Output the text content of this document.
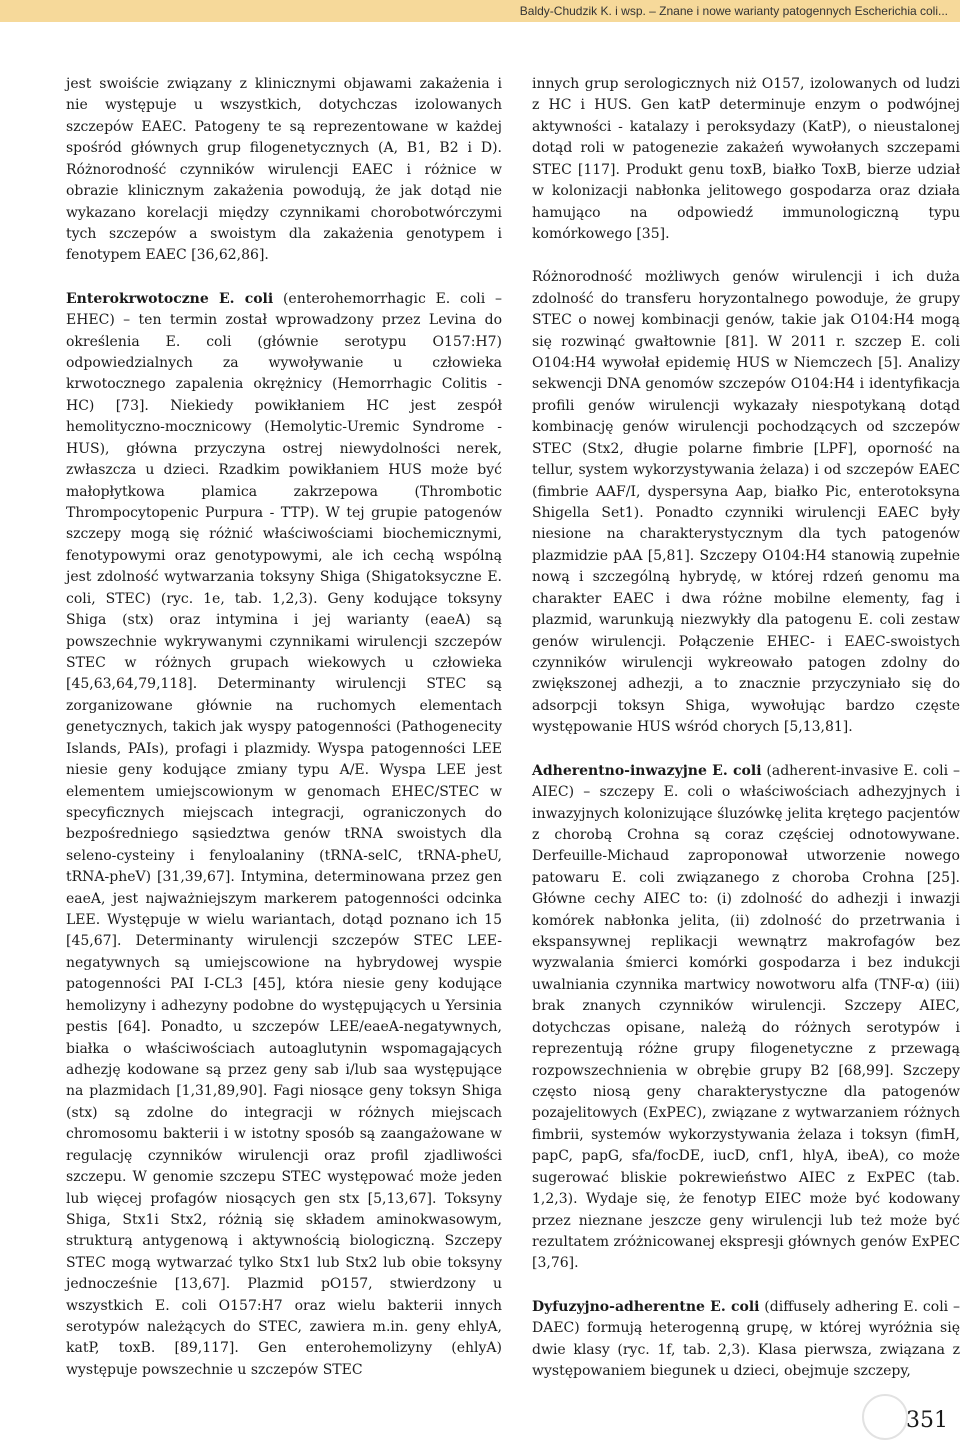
Baldy-Chudzik K. i wsp. – Znane i nowe warianty patogennych Escherichia coli...

jest swoiście związany z klinicznymi objawami zakażenia i nie występuje u wszystkich, dotychczas izolowanych szczepów EAEC. Patogeny te są reprezentowane w każdej spośród głównych grup filogenetycznych (A, B1, B2 i D). Różnorodność czynników wirulencji EAEC i różnice w obrazie klinicznym zakażenia powodują, że jak dotąd nie wykazano korelacji między czynnikami chorobotwórczymi tych szczepów a swoistym dla zakażenia genotypem i fenotypem EAEC [36,62,86].

Enterokrwotoczne E. coli (enterohemorrhagic E. coli – EHEC) – ten termin został wprowadzony przez Levina do określenia E. coli (głównie serotypu O157:H7) odpowiedzialnych za wywoływanie u człowieka krwotocznego zapalenia okrężnicy (Hemorrhagic Colitis - HC) [73]. Niekiedy powikłaniem HC jest zespół hemolityczno-mocznicowy (Hemolytic-Uremic Syndrome - HUS), główna przyczyna ostrej niewydolności nerek, zwłaszcza u dzieci. Rzadkim powikłaniem HUS może być małopłytkowa plamica zakrzepowa (Thrombotic Thrompocytopenic Purpura - TTP). W tej grupie patogenów szczepy mogą się różnić właściwościami biochemicznymi, fenotypowymi oraz genotypowymi, ale ich cechą wspólną jest zdolność wytwarzania toksyny Shiga (Shigatoksyczne E. coli, STEC) (ryc. 1e, tab. 1,2,3). Geny kodujące toksyny Shiga (stx) oraz intymina i jej warianty (eaeA) są powszechnie wykrywanymi czynnikami wirulencji szczepów STEC w różnych grupach wiekowych u człowieka [45,63,64,79,118]. Determinanty wirulencji STEC są zorganizowane głównie na ruchomych elementach genetycznych, takich jak wyspy patogenności (Pathogenecity Islands, PAIs), profagi i plazmidy. Wyspa patogenności LEE niesie geny kodujące zmiany typu A/E. Wyspa LEE jest elementem umiejscowionym w genomach EHEC/STEC w specyficznych miejscach integracji, ograniczonych do bezpośredniego sąsiedztwa genów tRNA swoistych dla seleno-cysteiny i fenyloalaniny (tRNA-selC, tRNA-pheU, tRNA-pheV) [31,39,67]. Intymina, determinowana przez gen eaeA, jest najważniejszym markerem patogenności odcinka LEE. Występuje w wielu wariantach, dotąd poznano ich 15 [45,67]. Determinanty wirulencji szczepów STEC LEE-negatywnych są umiejscowione na hybrydowej wyspie patogenności PAI I-CL3 [45], która niesie geny kodujące hemolizyny i adhezyny podobne do występujących u Yersinia pestis [64]. Ponadto, u szczepów LEE/eaeA-negatywnych, białka o właściwościach autoaglutynin wspomagających adhezję kodowane są przez geny sab i/lub saa występujące na plazmidach [1,31,89,90]. Fagi niosące geny toksyn Shiga (stx) są zdolne do integracji w różnych miejscach chromosomu bakterii i w istotny sposób są zaangażowane w regulację czynników wirulencji oraz profil zjadliwości szczepu. W genomie szczepu STEC występować może jeden lub więcej profagów niosących gen stx [5,13,67]. Toksyny Shiga, Stx1i Stx2, różnią się składem aminokwasowym, strukturą antygenową i aktywnością biologiczną. Szczepy STEC mogą wytwarzać tylko Stx1 lub Stx2 lub obie toksyny jednocześnie [13,67]. Plazmid pO157, stwierdzony u wszystkich E. coli O157:H7 oraz wielu bakterii innych serotypów należących do STEC, zawiera m.in. geny ehlyA, katP, toxB. [89,117]. Gen enterohemolizyny (ehlyA) występuje powszechnie u szczepów STEC

innych grup serologicznych niż O157, izolowanych od ludzi z HC i HUS. Gen katP determinuje enzym o podwójnej aktywności - katalazy i peroksydazy (KatP), o nieustalonej dotąd roli w patogenezie zakażeń wywołanych szczepami STEC [117]. Produkt genu toxB, białko ToxB, bierze udział w kolonizacji nabłonka jelitowego gospodarza oraz działa hamująco na odpowiedź immunologiczną typu komórkowego [35].

Różnorodność możliwych genów wirulencji i ich duża zdolność do transferu horyzontalnego powoduje, że grupy STEC o nowej kombinacji genów, takie jak O104:H4 mogą się rozwinąć gwałtownie [81]. W 2011 r. szczep E. coli O104:H4 wywołał epidemię HUS w Niemczech [5]. Analizy sekwencji DNA genomów szczepów O104:H4 i identyfikacja profili genów wirulencji wykazały niespotykaną dotąd kombinację genów wirulencji pochodzących od szczepów STEC (Stx2, długie polarne fimbrie [LPF], oporność na tellur, system wykorzystywania żelaza) i od szczepów EAEC (fimbrie AAF/I, dyspersyna Aap, białko Pic, enterotoksyna Shigella Set1). Ponadto czynniki wirulencji EAEC były niesione na charakterystycznym dla tych patogenów plazmidzie pAA [5,81]. Szczepy O104:H4 stanowią zupełnie nową i szczególną hybrydę, w której rdzeń genomu ma charakter EAEC i dwa różne mobilne elementy, fag i plazmid, warunkują niezwykły dla patogenu E. coli zestaw genów wirulencji. Połączenie EHEC- i EAEC-swoistych czynników wirulencji wykreowało patogen zdolny do zwiększonej adhezji, a to znacznie przyczyniało się do adsorpcji toksyn Shiga, wywołując bardzo częste występowanie HUS wśród chorych [5,13,81].

Adherentno-inwazyjne E. coli (adherent-invasive E. coli – AIEC) – szczepy E. coli o właściwościach adhezyjnych i inwazyjnych kolonizujące śluzówkę jelita krętego pacjentów z chorobą Crohna są coraz częściej odnotowywane. Derfeuille-Michaud zaproponował utworzenie nowego patowaru E. coli związanego z choroba Crohna [25]. Główne cechy AIEC to: (i) zdolność do adhezji i inwazji komórek nabłonka jelita, (ii) zdolność do przetrwania i ekspansywnej replikacji wewnątrz makrofagów bez wyzwalania śmierci komórki gospodarza i bez indukcji uwalniania czynnika martwicy nowotworu alfa (TNF-α) (iii) brak znanych czynników wirulencji. Szczepy AIEC, dotychczas opisane, należą do różnych serotypów i reprezentują różne grupy filogenetyczne z przewagą rozpowszechnienia w obrębie grupy B2 [68,99]. Szczepy często niosą geny charakterystyczne dla patogenów pozajelitowych (ExPEC), związane z wytwarzaniem różnych fimbrii, systemów wykorzystywania żelaza i toksyn (fimH, papC, papG, sfa/focDE, iucD, cnf1, hlyA, ibeA), co może sugerować bliskie pokrewieństwo AIEC z ExPEC (tab. 1,2,3). Wydaje się, że fenotyp EIEC może być kodowany przez nieznane jeszcze geny wirulencji lub też może być rezultatem zróżnicowanej ekspresji głównych genów ExPEC [3,76].

Dyfuzyjno-adherentne E. coli (diffusely adhering E. coli – DAEC) formują heterogenną grupę, w której wyróżnia się dwie klasy (ryc. 1f, tab. 2,3). Klasa pierwsza, związana z występowaniem biegunek u dzieci, obejmuje szczepy,

351
